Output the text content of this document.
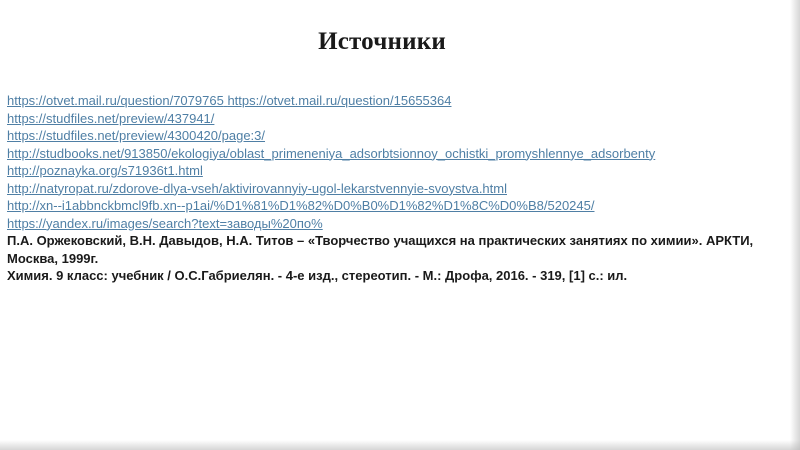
Источники
https://otvet.mail.ru/question/7079765 https://otvet.mail.ru/question/15655364
https://studfiles.net/preview/437941/
https://studfiles.net/preview/4300420/page:3/
http://studbooks.net/913850/ekologiya/oblast_primeneniya_adsorbtsionnoy_ochistki_promyshlennye_adsorbenty
http://poznayka.org/s71936t1.html
http://natyropat.ru/zdorove-dlya-vseh/aktivirovannyiy-ugol-lekarstvennyie-svoystva.html
http://xn--i1abbnckbmcl9fb.xn--p1ai/%D1%81%D1%82%D0%B0%D1%82%D1%8C%D0%B8/520245/
https://yandex.ru/images/search?text=заводы%20по%
П.А. Оржековский, В.Н. Давыдов, Н.А. Титов – «Творчество учащихся на практических занятиях по химии». АРКТИ, Москва, 1999г.
Химия. 9 класс: учебник / О.С.Габриелян. - 4-е изд., стереотип. - М.: Дрофа, 2016. - 319, [1] с.: ил.
